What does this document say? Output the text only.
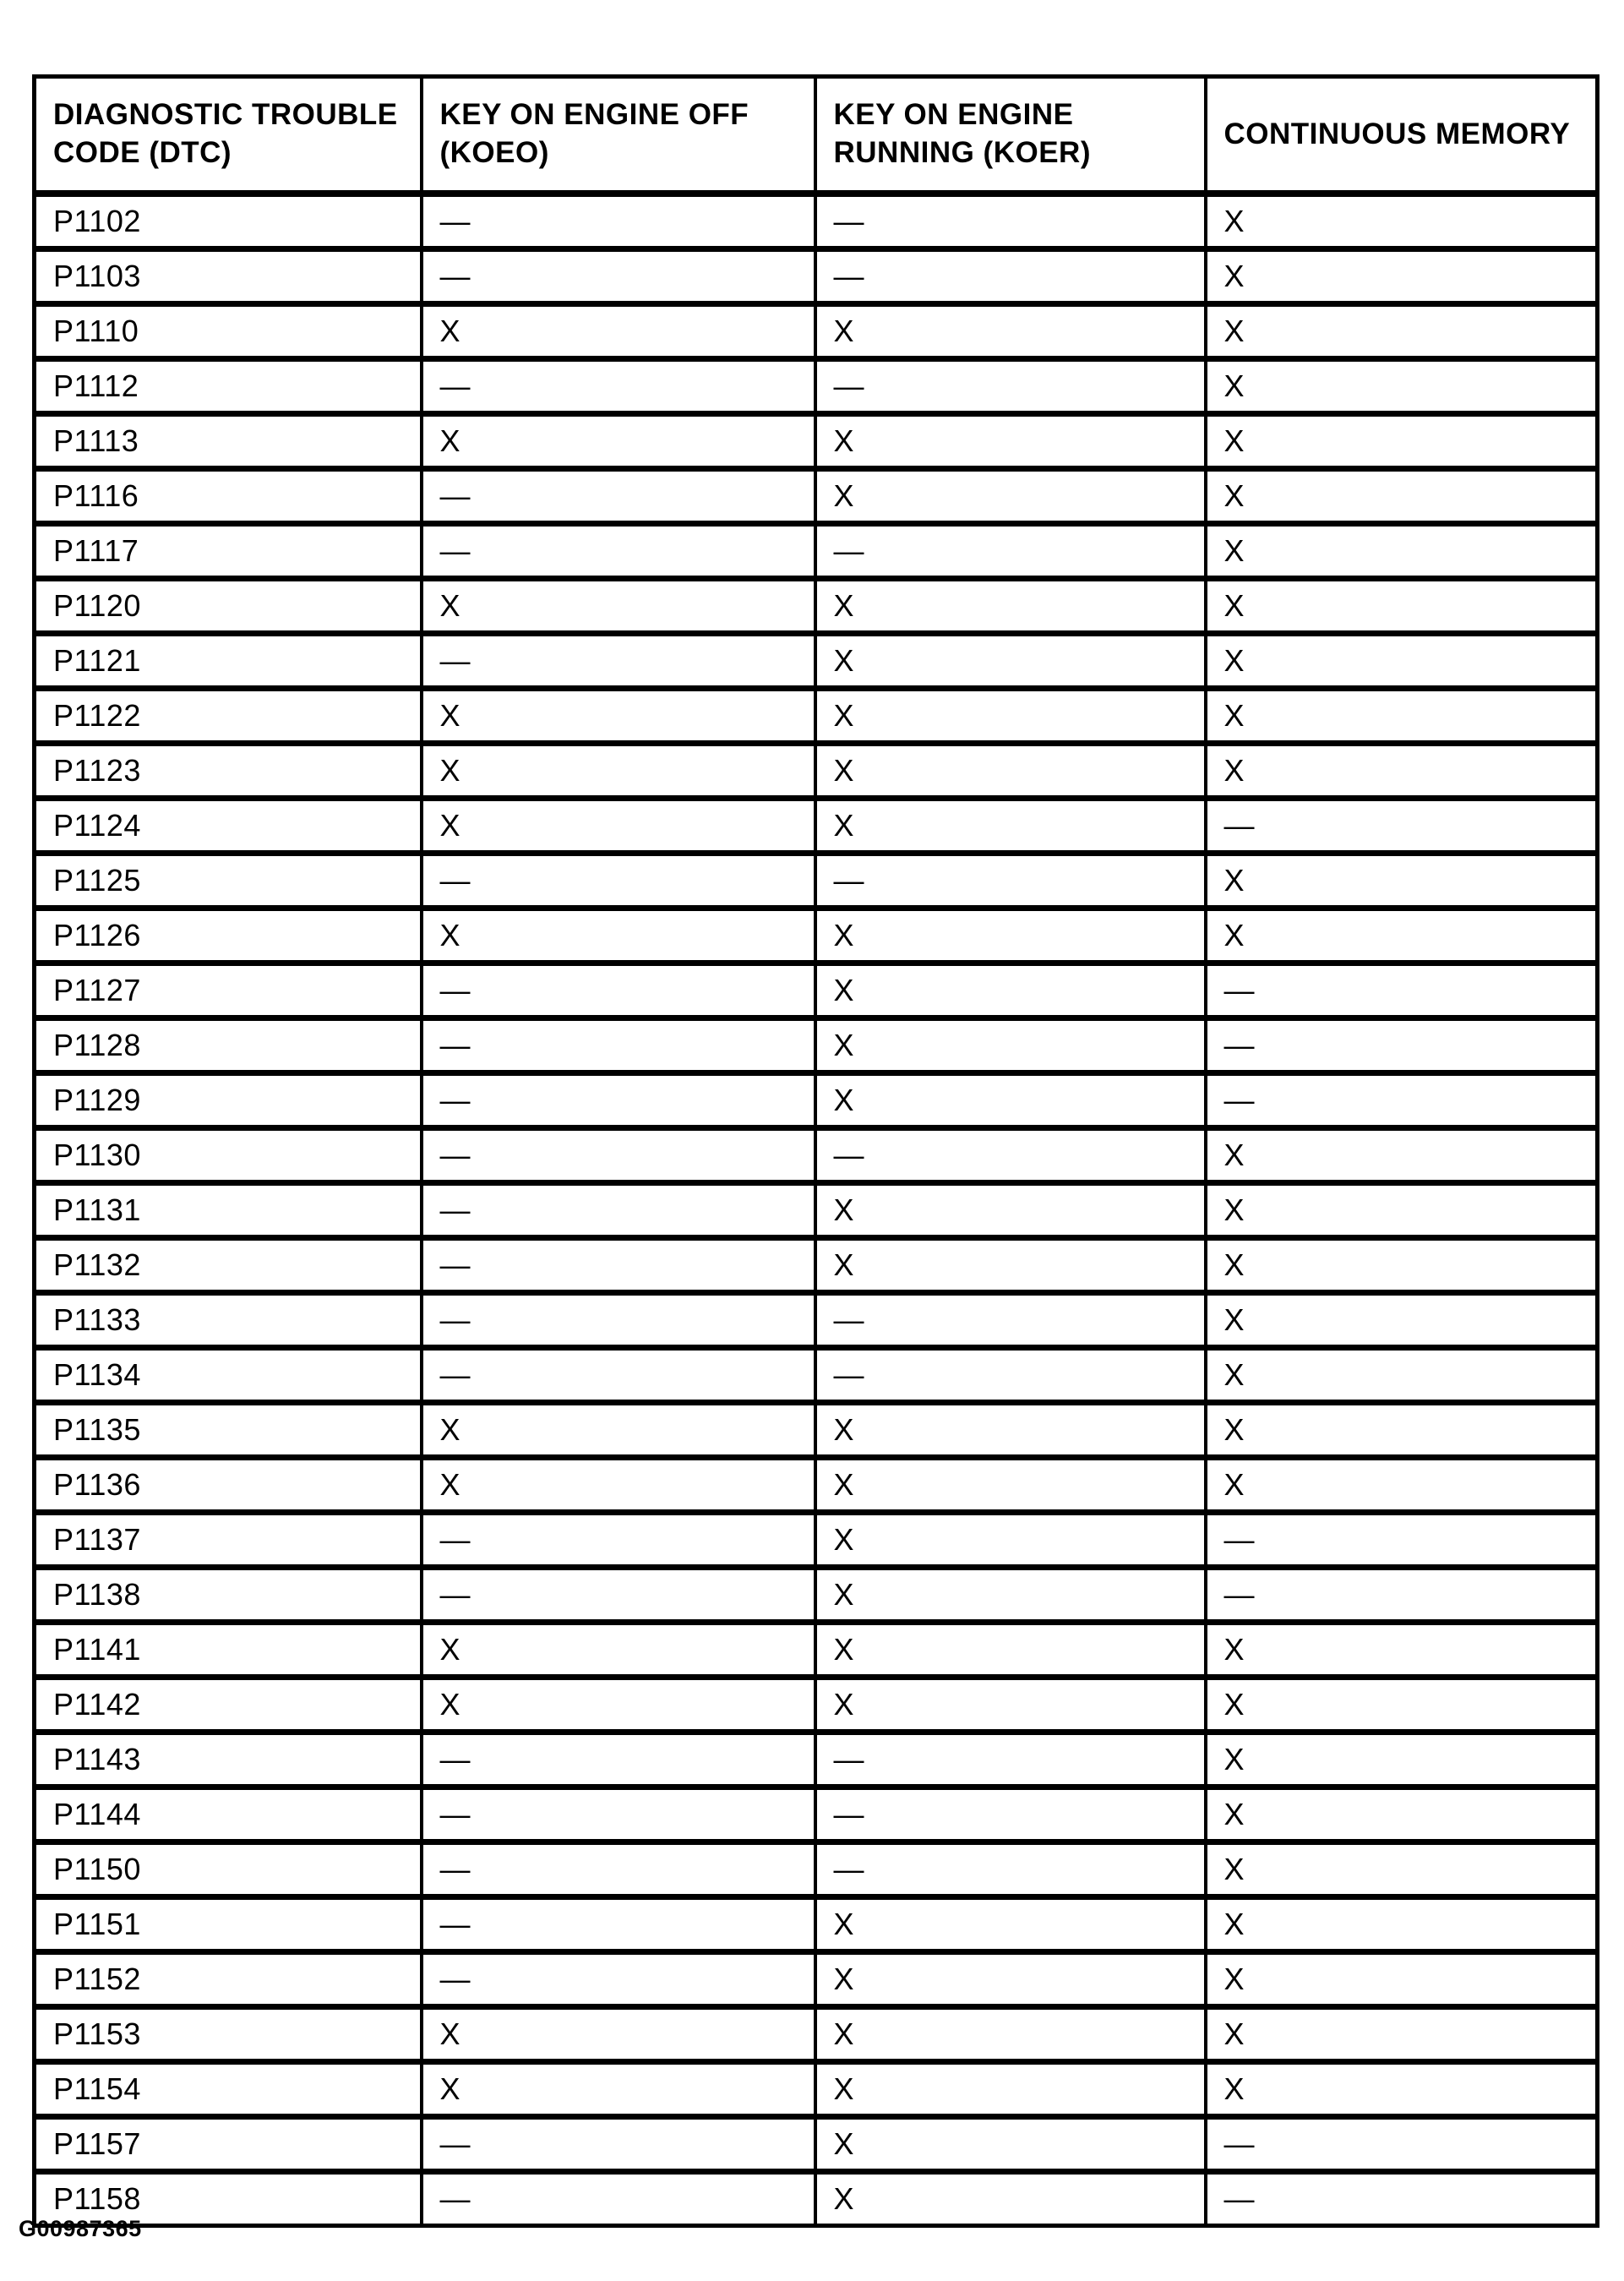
DIAGNOSTIC TROUBLE CODE (DTC)	KEY ON ENGINE OFF (KOEO)	KEY ON ENGINE RUNNING (KOER)	CONTINUOUS MEMORY
P1102	—	—	X
P1103	—	—	X
P1110	X	X	X
P1112	—	—	X
P1113	X	X	X
P1116	—	X	X
P1117	—	—	X
P1120	X	X	X
P1121	—	X	X
P1122	X	X	X
P1123	X	X	X
P1124	X	X	—
P1125	—	—	X
P1126	X	X	X
P1127	—	X	—
P1128	—	X	—
P1129	—	X	—
P1130	—	—	X
P1131	—	X	X
P1132	—	X	X
P1133	—	—	X
P1134	—	—	X
P1135	X	X	X
P1136	X	X	X
P1137	—	X	—
P1138	—	X	—
P1141	X	X	X
P1142	X	X	X
P1143	—	—	X
P1144	—	—	X
P1150	—	—	X
P1151	—	X	X
P1152	—	X	X
P1153	X	X	X
P1154	X	X	X
P1157	—	X	—
P1158	—	X	—
G00987365
